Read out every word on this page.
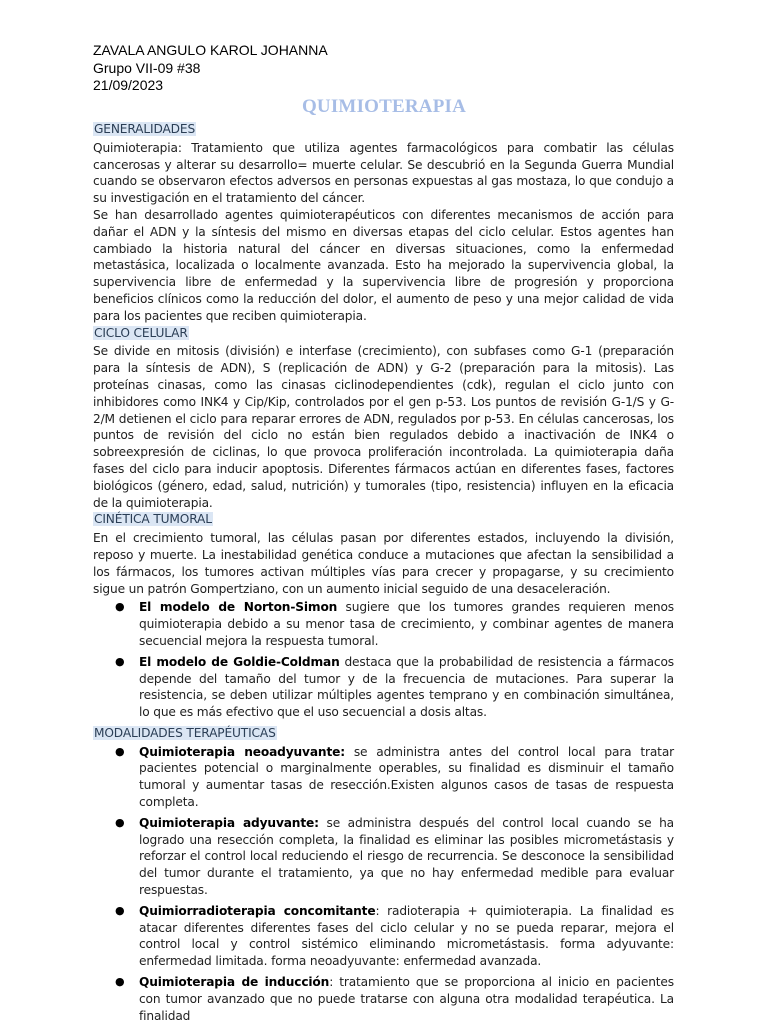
ZAVALA ANGULO KAROL JOHANNA
Grupo VII-09 #38
21/09/2023
QUIMIOTERAPIA
GENERALIDADES

Quimioterapia: Tratamiento que utiliza agentes farmacológicos para combatir las células cancerosas y alterar su desarrollo= muerte celular. Se descubrió en la Segunda Guerra Mundial cuando se observaron efectos adversos en personas expuestas al gas mostaza, lo que condujo a su investigación en el tratamiento del cáncer.

Se han desarrollado agentes quimioterapéuticos con diferentes mecanismos de acción para dañar el ADN y la síntesis del mismo en diversas etapas del ciclo celular. Estos agentes han cambiado la historia natural del cáncer en diversas situaciones, como la enfermedad metastásica, localizada o localmente avanzada. Esto ha mejorado la supervivencia global, la supervivencia libre de enfermedad y la supervivencia libre de progresión y proporciona beneficios clínicos como la reducción del dolor, el aumento de peso y una mejor calidad de vida para los pacientes que reciben quimioterapia.

CICLO CELULAR

Se divide en mitosis (división) e interfase (crecimiento), con subfases como G-1 (preparación para la síntesis de ADN), S (replicación de ADN) y G-2 (preparación para la mitosis). Las proteínas cinasas, como las cinasas ciclinodependientes (cdk), regulan el ciclo junto con inhibidores como INK4 y Cip/Kip, controlados por el gen p-53. Los puntos de revisión G-1/S y G-2/M detienen el ciclo para reparar errores de ADN, regulados por p-53. En células cancerosas, los puntos de revisión del ciclo no están bien regulados debido a inactivación de INK4 o sobreexpresión de ciclinas, lo que provoca proliferación incontrolada. La quimioterapia daña fases del ciclo para inducir apoptosis. Diferentes fármacos actúan en diferentes fases, factores biológicos (género, edad, salud, nutrición) y tumorales (tipo, resistencia) influyen en la eficacia de la quimioterapia.

CINÉTICA TUMORAL

En el crecimiento tumoral, las células pasan por diferentes estados, incluyendo la división, reposo y muerte. La inestabilidad genética conduce a mutaciones que afectan la sensibilidad a los fármacos, los tumores activan múltiples vías para crecer y propagarse, y su crecimiento sigue un patrón Gompertziano, con un aumento inicial seguido de una desaceleración.

● El modelo de Norton-Simon sugiere que los tumores grandes requieren menos quimioterapia debido a su menor tasa de crecimiento, y combinar agentes de manera secuencial mejora la respuesta tumoral.
● El modelo de Goldie-Coldman destaca que la probabilidad de resistencia a fármacos depende del tamaño del tumor y de la frecuencia de mutaciones. Para superar la resistencia, se deben utilizar múltiples agentes temprano y en combinación simultánea, lo que es más efectivo que el uso secuencial a dosis altas.
MODALIDADES TERAPÉUTICAS
● Quimioterapia neoadyuvante: se administra antes del control local para tratar pacientes potencial o marginalmente operables, su finalidad es disminuir el tamaño tumoral y aumentar tasas de resección.Existen algunos casos de tasas de respuesta completa.
● Quimioterapia adyuvante: se administra después del control local cuando se ha logrado una resección completa, la finalidad es eliminar las posibles micrometástasis y reforzar el control local reduciendo el riesgo de recurrencia. Se desconoce la sensibilidad del tumor durante el tratamiento, ya que no hay enfermedad medible para evaluar respuestas.
● Quimiorradioterapia concomitante: radioterapia + quimioterapia. La finalidad es atacar diferentes diferentes fases del ciclo celular y no se pueda reparar, mejora el control local y control sistémico eliminando micrometástasis. forma adyuvante: enfermedad limitada. forma neoadyuvante: enfermedad avanzada.
● Quimioterapia de inducción: tratamiento que se proporciona al inicio en pacientes con tumor avanzado que no puede tratarse con alguna otra modalidad terapéutica. La finalidad
